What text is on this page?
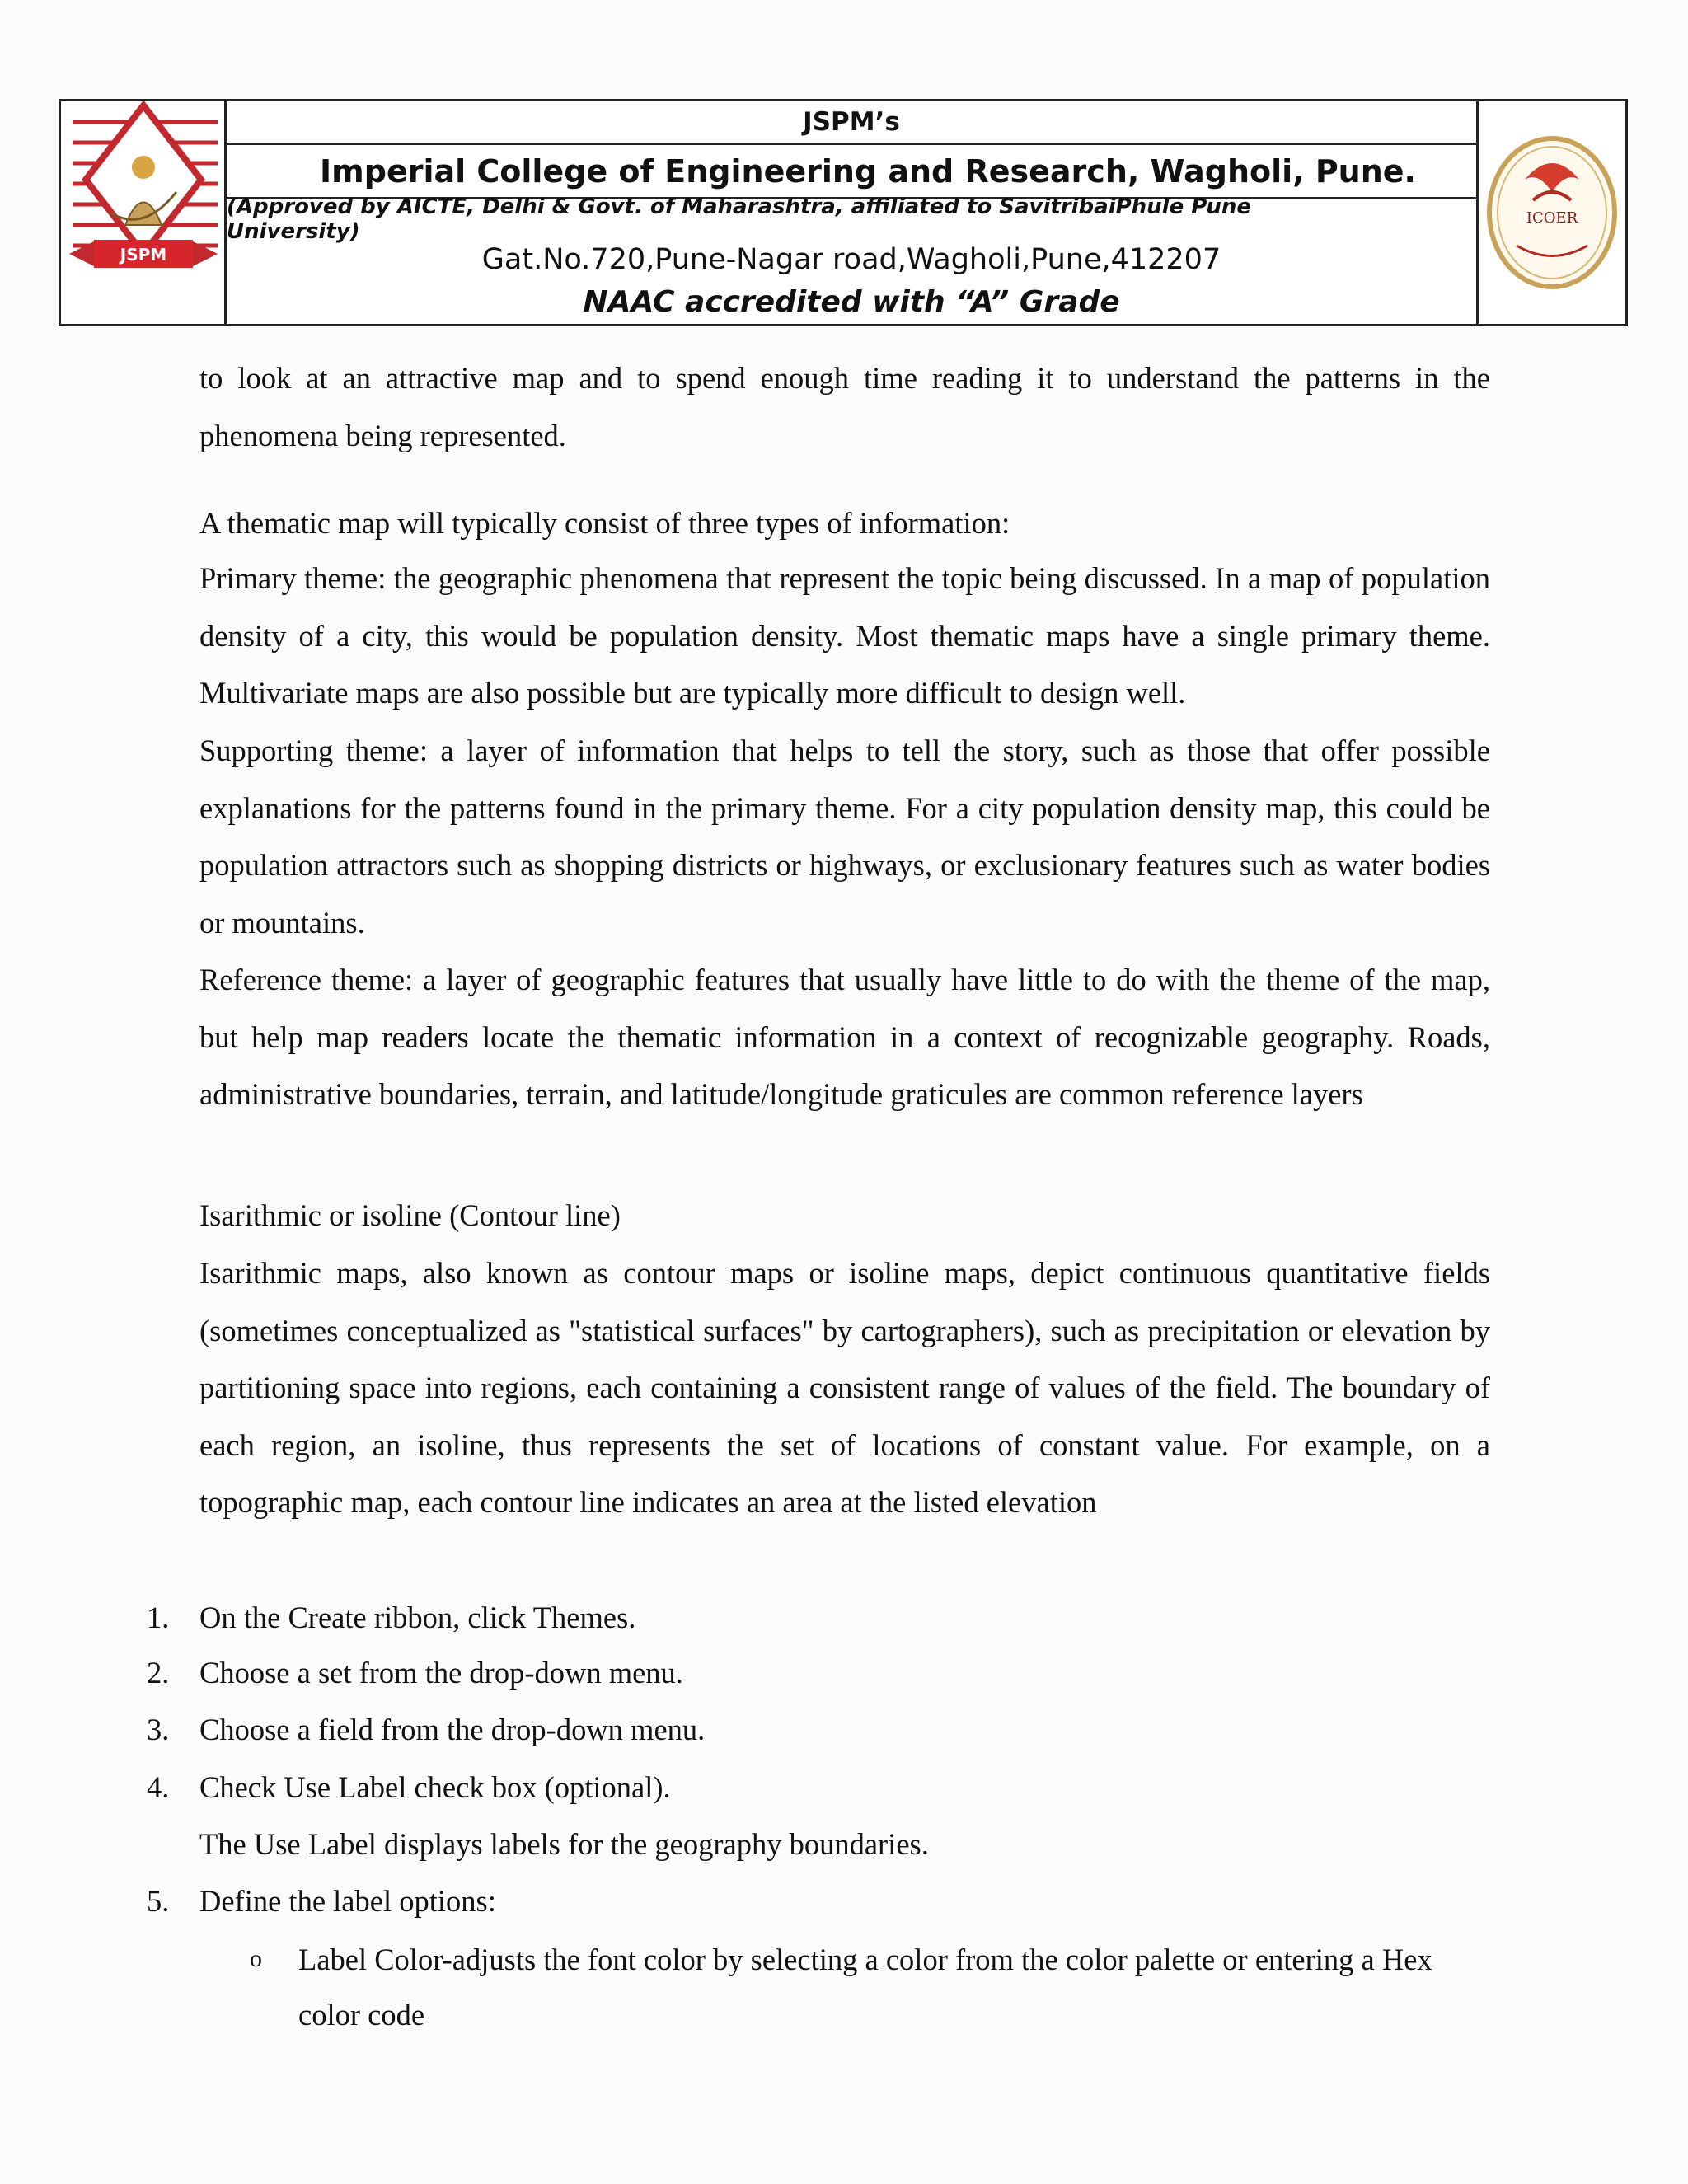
JSPM
JSPM’s
Imperial College of Engineering and Research, Wagholi, Pune.
(Approved by AICTE, Delhi & Govt. of Maharashtra, affiliated to SavitribaiPhule Pune University)
Gat.No.720,Pune-Nagar road,Wagholi,Pune,412207
NAAC accredited with “A” Grade
ICOER

to look at an attractive map and to spend enough time reading it to understand the patterns in the phenomena being represented.

A thematic map will typically consist of three types of information:

Primary theme: the geographic phenomena that represent the topic being discussed. In a map of population density of a city, this would be population density. Most thematic maps have a single primary theme. Multivariate maps are also possible but are typically more difficult to design well.

Supporting theme: a layer of information that helps to tell the story, such as those that offer possible explanations for the patterns found in the primary theme. For a city population density map, this could be population attractors such as shopping districts or highways, or exclusionary features such as water bodies or mountains.

Reference theme: a layer of geographic features that usually have little to do with the theme of the map, but help map readers locate the thematic information in a context of recognizable geography. Roads, administrative boundaries, terrain, and latitude/longitude graticules are common reference layers

Isarithmic or isoline (Contour line)

Isarithmic maps, also known as contour maps or isoline maps, depict continuous quantitative fields (sometimes conceptualized as "statistical surfaces" by cartographers), such as precipitation or elevation by partitioning space into regions, each containing a consistent range of values of the field. The boundary of each region, an isoline, thus represents the set of locations of constant value. For example, on a topographic map, each contour line indicates an area at the listed elevation

1. On the Create ribbon, click Themes.

2. Choose a set from the drop-down menu.

3. Choose a field from the drop-down menu.

4. Check Use Label check box (optional).

The Use Label displays labels for the geography boundaries.

5. Define the label options:

o Label Color-adjusts the font color by selecting a color from the color palette or entering a Hex color code
